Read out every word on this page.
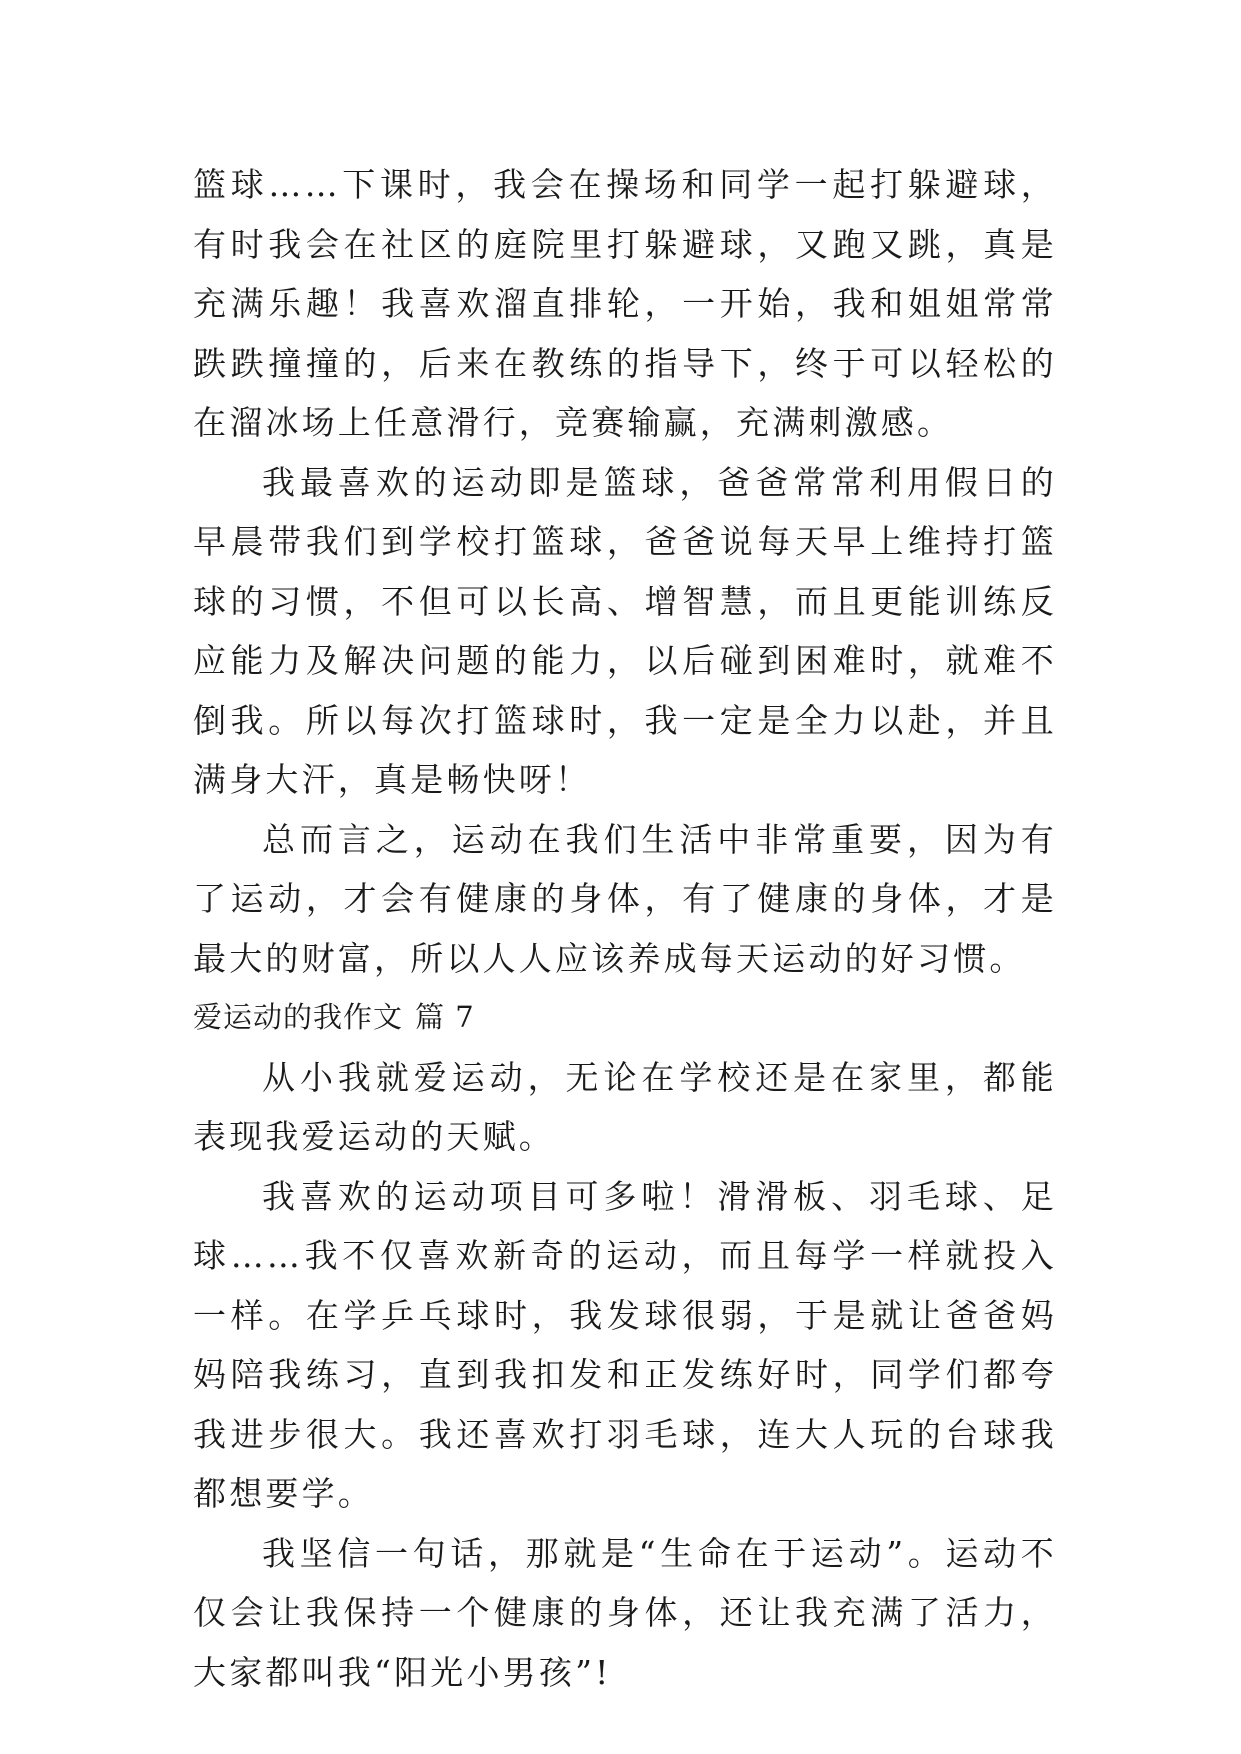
篮球……下课时，我会在操场和同学一起打躲避球，有时我会在社区的庭院里打躲避球，又跑又跳，真是充满乐趣！我喜欢溜直排轮，一开始，我和姐姐常常跌跌撞撞的，后来在教练的指导下，终于可以轻松的在溜冰场上任意滑行，竞赛输赢，充满刺激感。

我最喜欢的运动即是篮球，爸爸常常利用假日的早晨带我们到学校打篮球，爸爸说每天早上维持打篮球的习惯，不但可以长高、增智慧，而且更能训练反应能力及解决问题的能力，以后碰到困难时，就难不倒我。所以每次打篮球时，我一定是全力以赴，并且满身大汗，真是畅快呀！

总而言之，运动在我们生活中非常重要，因为有了运动，才会有健康的身体，有了健康的身体，才是最大的财富，所以人人应该养成每天运动的好习惯。

爱运动的我作文 篇 7

从小我就爱运动，无论在学校还是在家里，都能表现我爱运动的天赋。

我喜欢的运动项目可多啦！滑滑板、羽毛球、足球……我不仅喜欢新奇的运动，而且每学一样就投入一样。在学乒乓球时，我发球很弱，于是就让爸爸妈妈陪我练习，直到我扣发和正发练好时，同学们都夸我进步很大。我还喜欢打羽毛球，连大人玩的台球我都想要学。

我坚信一句话，那就是“生命在于运动”。运动不仅会让我保持一个健康的身体，还让我充满了活力，大家都叫我“阳光小男孩”!
